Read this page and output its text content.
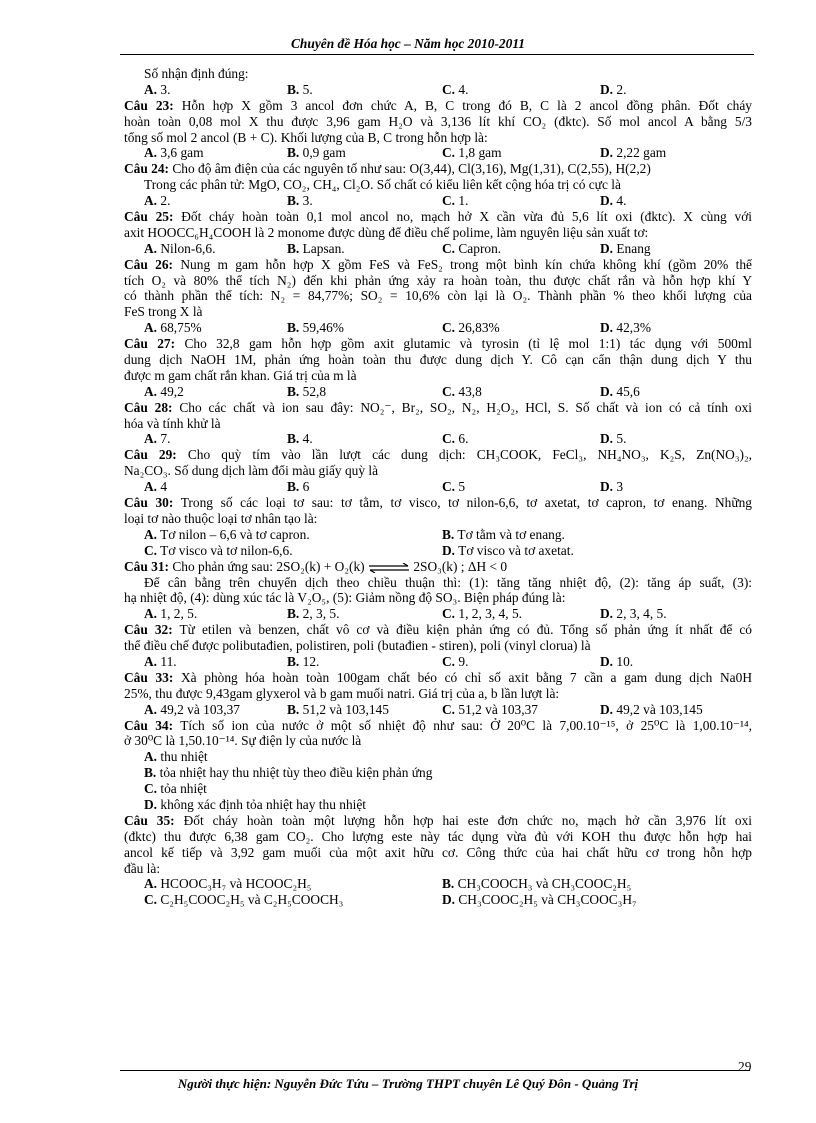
Chuyên đề Hóa học – Năm học 2010-2011
Số nhận định đúng:
A. 3.	B. 5.	C. 4.	D. 2.
Câu 23: Hỗn hợp X gồm 3 ancol đơn chức A, B, C trong đó B, C là 2 ancol đồng phân. Đốt cháy
hoàn toàn 0,08 mol X thu được 3,96 gam H₂O và 3,136 lít khí CO₂ (đktc). Số mol ancol A bằng 5/3
tổng số mol 2 ancol (B + C). Khối lượng của B, C trong hỗn hợp là:
A. 3,6 gam	B. 0,9 gam	C. 1,8 gam	D. 2,22 gam
Câu 24: Cho độ âm điện của các nguyên tố như sau: O(3,44), Cl(3,16), Mg(1,31), C(2,55), H(2,2)
Trong các phân tử: MgO, CO₂, CH₄, Cl₂O. Số chất có kiểu liên kết cộng hóa trị có cực là
A. 2.	B. 3.	C. 1.	D. 4.
Câu 25: Đốt cháy hoàn toàn 0,1 mol ancol no, mạch hở X cần vừa đủ 5,6 lít oxi (đktc). X cùng với
axit HOOCC₆H₄COOH là 2 monome được dùng để điều chế polime, làm nguyên liệu sản xuất tơ:
A. Nilon-6,6.	B. Lapsan.	C. Capron.	D. Enang
Câu 26: Nung m gam hỗn hợp X gồm FeS và FeS₂ trong một bình kín chứa không khí (gồm 20% thể
tích O₂ và 80% thể tích N₂) đến khi phản ứng xảy ra hoàn toàn, thu được chất rắn và hỗn hợp khí Y
có thành phần thể tích: N₂ = 84,77%; SO₂ = 10,6% còn lại là O₂. Thành phần % theo khối lượng của
FeS trong X là
A. 68,75%	B. 59,46%	C. 26,83%	D. 42,3%
Câu 27: Cho 32,8 gam hỗn hợp gồm axit glutamic và tyrosin (tỉ lệ mol 1:1) tác dụng với 500ml
dung dịch NaOH 1M, phản ứng hoàn toàn thu được dung dịch Y. Cô cạn cẩn thận dung dịch Y thu
được m gam chất rắn khan. Giá trị của m là
A. 49,2	B. 52,8	C. 43,8	D. 45,6
Câu 28: Cho các chất và ion sau đây: NO₂⁻, Br₂, SO₂, N₂, H₂O₂, HCl, S. Số chất và ion có cả tính oxi
hóa và tính khử là
A. 7.	B. 4.	C. 6.	D. 5.
Câu 29: Cho quỳ tím vào lần lượt các dung dịch: CH₃COOK, FeCl₃, NH₄NO₃, K₂S, Zn(NO₃)₂,
Na₂CO₃. Số dung dịch làm đổi màu giấy quỳ là
A. 4	B. 6	C. 5	D. 3
Câu 30: Trong số các loại tơ sau: tơ tằm, tơ visco, tơ nilon-6,6, tơ axetat, tơ capron, tơ enang. Những
loại tơ nào thuộc loại tơ nhân tạo là:
A. Tơ nilon – 6,6 và tơ capron.	B. Tơ tằm và tơ enang.
C. Tơ visco và tơ nilon-6,6.	D. Tơ visco và tơ axetat.
Câu 31: Cho phản ứng sau: 2SO₂(k) + O₂(k) ⇌ 2SO₃(k) ; ΔH < 0
Để cân bằng trên chuyển dịch theo chiều thuận thì: (1): tăng tăng nhiệt độ, (2): tăng áp suất, (3):
hạ nhiệt độ, (4): dùng xúc tác là V₂O₅, (5): Giảm nồng độ SO₃. Biện pháp đúng là:
A. 1, 2, 5.	B. 2, 3, 5.	C. 1, 2, 3, 4, 5.	D. 2, 3, 4, 5.
Câu 32: Từ etilen và benzen, chất vô cơ và điều kiện phản ứng có đủ. Tổng số phản ứng ít nhất để có
thể điều chế được polibutađien, polistiren, poli (butađien - stiren), poli (vinyl clorua) là
A. 11.	B. 12.	C. 9.	D. 10.
Câu 33: Xà phòng hóa hoàn toàn 100gam chất béo có chỉ số axit bằng 7 cần a gam dung dịch Na0H
25%, thu được 9,43gam glyxerol và b gam muối natri. Giá trị của a, b lần lượt là:
A. 49,2 và 103,37	B. 51,2 và 103,145	C. 51,2 và 103,37	D. 49,2 và 103,145
Câu 34: Tích số ion của nước ở một số nhiệt độ như sau: Ở 20⁰C là 7,00.10⁻¹⁵, ở 25⁰C là 1,00.10⁻¹⁴,
ở 30⁰C là 1,50.10⁻¹⁴. Sự điện ly của nước là
A. thu nhiệt
B. tỏa nhiệt hay thu nhiệt tùy theo điều kiện phản ứng
C. tỏa nhiệt
D. không xác định tỏa nhiệt hay thu nhiệt
Câu 35: Đốt cháy hoàn toàn một lượng hỗn hợp hai este đơn chức no, mạch hở cần 3,976 lít oxi
(đktc) thu được 6,38 gam CO₂. Cho lượng este này tác dụng vừa đủ với KOH thu được hỗn hợp hai
ancol kế tiếp và 3,92 gam muối của một axit hữu cơ. Công thức của hai chất hữu cơ trong hỗn hợp
đầu là:
A. HCOOC₃H₇ và HCOOC₂H₅	B. CH₃COOCH₃ và CH₃COOC₂H₅
C. C₂H₅COOC₂H₅ và C₂H₅COOCH₃	D. CH₃COOC₂H₅ và CH₃COOC₃H₇
29
Người thực hiện: Nguyễn Đức Tứu – Trường THPT chuyên Lê Quý Đôn - Quảng Trị
